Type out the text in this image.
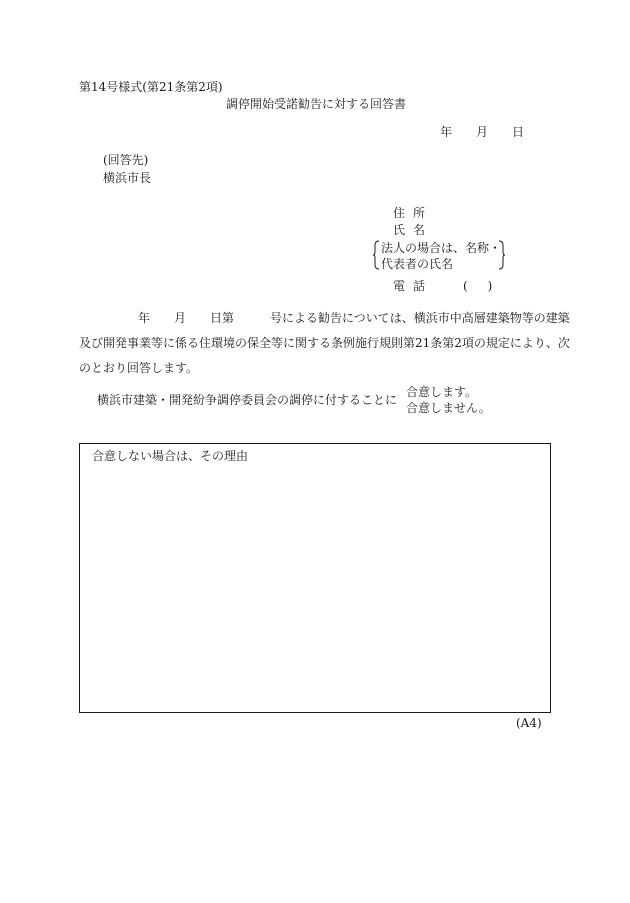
第14号様式(第21条第2項)
調停開始受諾勧告に対する回答書
年 月 日
(回答先)
横浜市長
住所
氏名
法人の場合は、名称・
代表者の氏名
電話 (　)
年　　月　　日第	号による勧告については、横浜市中高層建築物等の建築
及び開発事業等に係る住環境の保全等に関する条例施行規則第21条第2項の規定により、次
のとおり回答します。
横浜市建築・開発紛争調停委員会の調停に付することに
合意します。
合意しません。
合意しない場合は、その理由
(A4)
